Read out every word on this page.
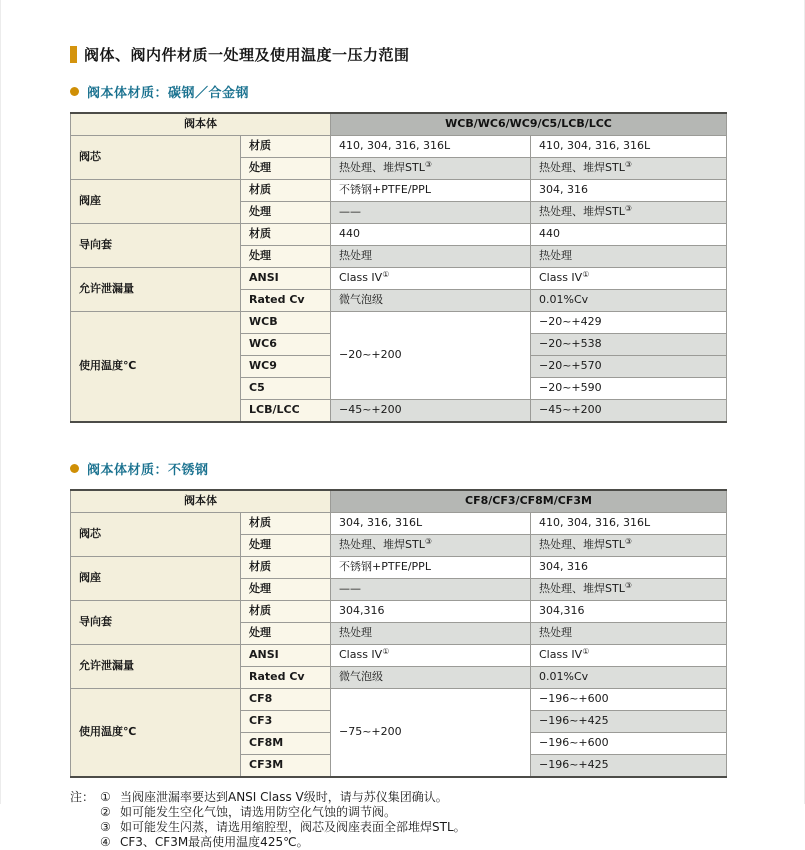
阀体、阀内件材质一处理及使用温度一压力范围
阀本体材质：碳钢／合金钢
阀本体		WCB/WC6/WC9/C5/LCB/LCC	
阀芯	材质	410, 304, 316, 316L	410, 304, 316, 316L
	处理	热处理、堆焊STL③	热处理、堆焊STL③
阀座	材质	不锈钢+PTFE/PPL	304, 316
	处理	——	热处理、堆焊STL③
导向套	材质	440	440
	处理	热处理	热处理
允许泄漏量	ANSI	Class IV①	Class IV①
	Rated Cv	微气泡级	0.01%Cv
使用温度℃	WCB	−20~+200	−20~+429
	WC6		−20~+538
	WC9		−20~+570
	C5		−20~+590
	LCB/LCC	−45~+200	−45~+200
阀本体材质：不锈钢
阀本体		CF8/CF3/CF8M/CF3M	
阀芯	材质	304, 316, 316L	410, 304, 316, 316L
	处理	热处理、堆焊STL③	热处理、堆焊STL③
阀座	材质	不锈钢+PTFE/PPL	304, 316
	处理	——	热处理、堆焊STL③
导向套	材质	304,316	304,316
	处理	热处理	热处理
允许泄漏量	ANSI	Class IV①	Class IV①
	Rated Cv	微气泡级	0.01%Cv
使用温度℃	CF8	−75~+200	−196~+600
	CF3		−196~+425
	CF8M		−196~+600
	CF3M		−196~+425
注： ① 当阀座泄漏率要达到ANSI Class V级时，请与苏仪集团确认。
② 如可能发生空化气蚀，请选用防空化气蚀的调节阀。
③ 如可能发生闪蒸，请选用缩腔型，阀芯及阀座表面全部堆焊STL。
④ CF3、CF3M最高使用温度425℃。
